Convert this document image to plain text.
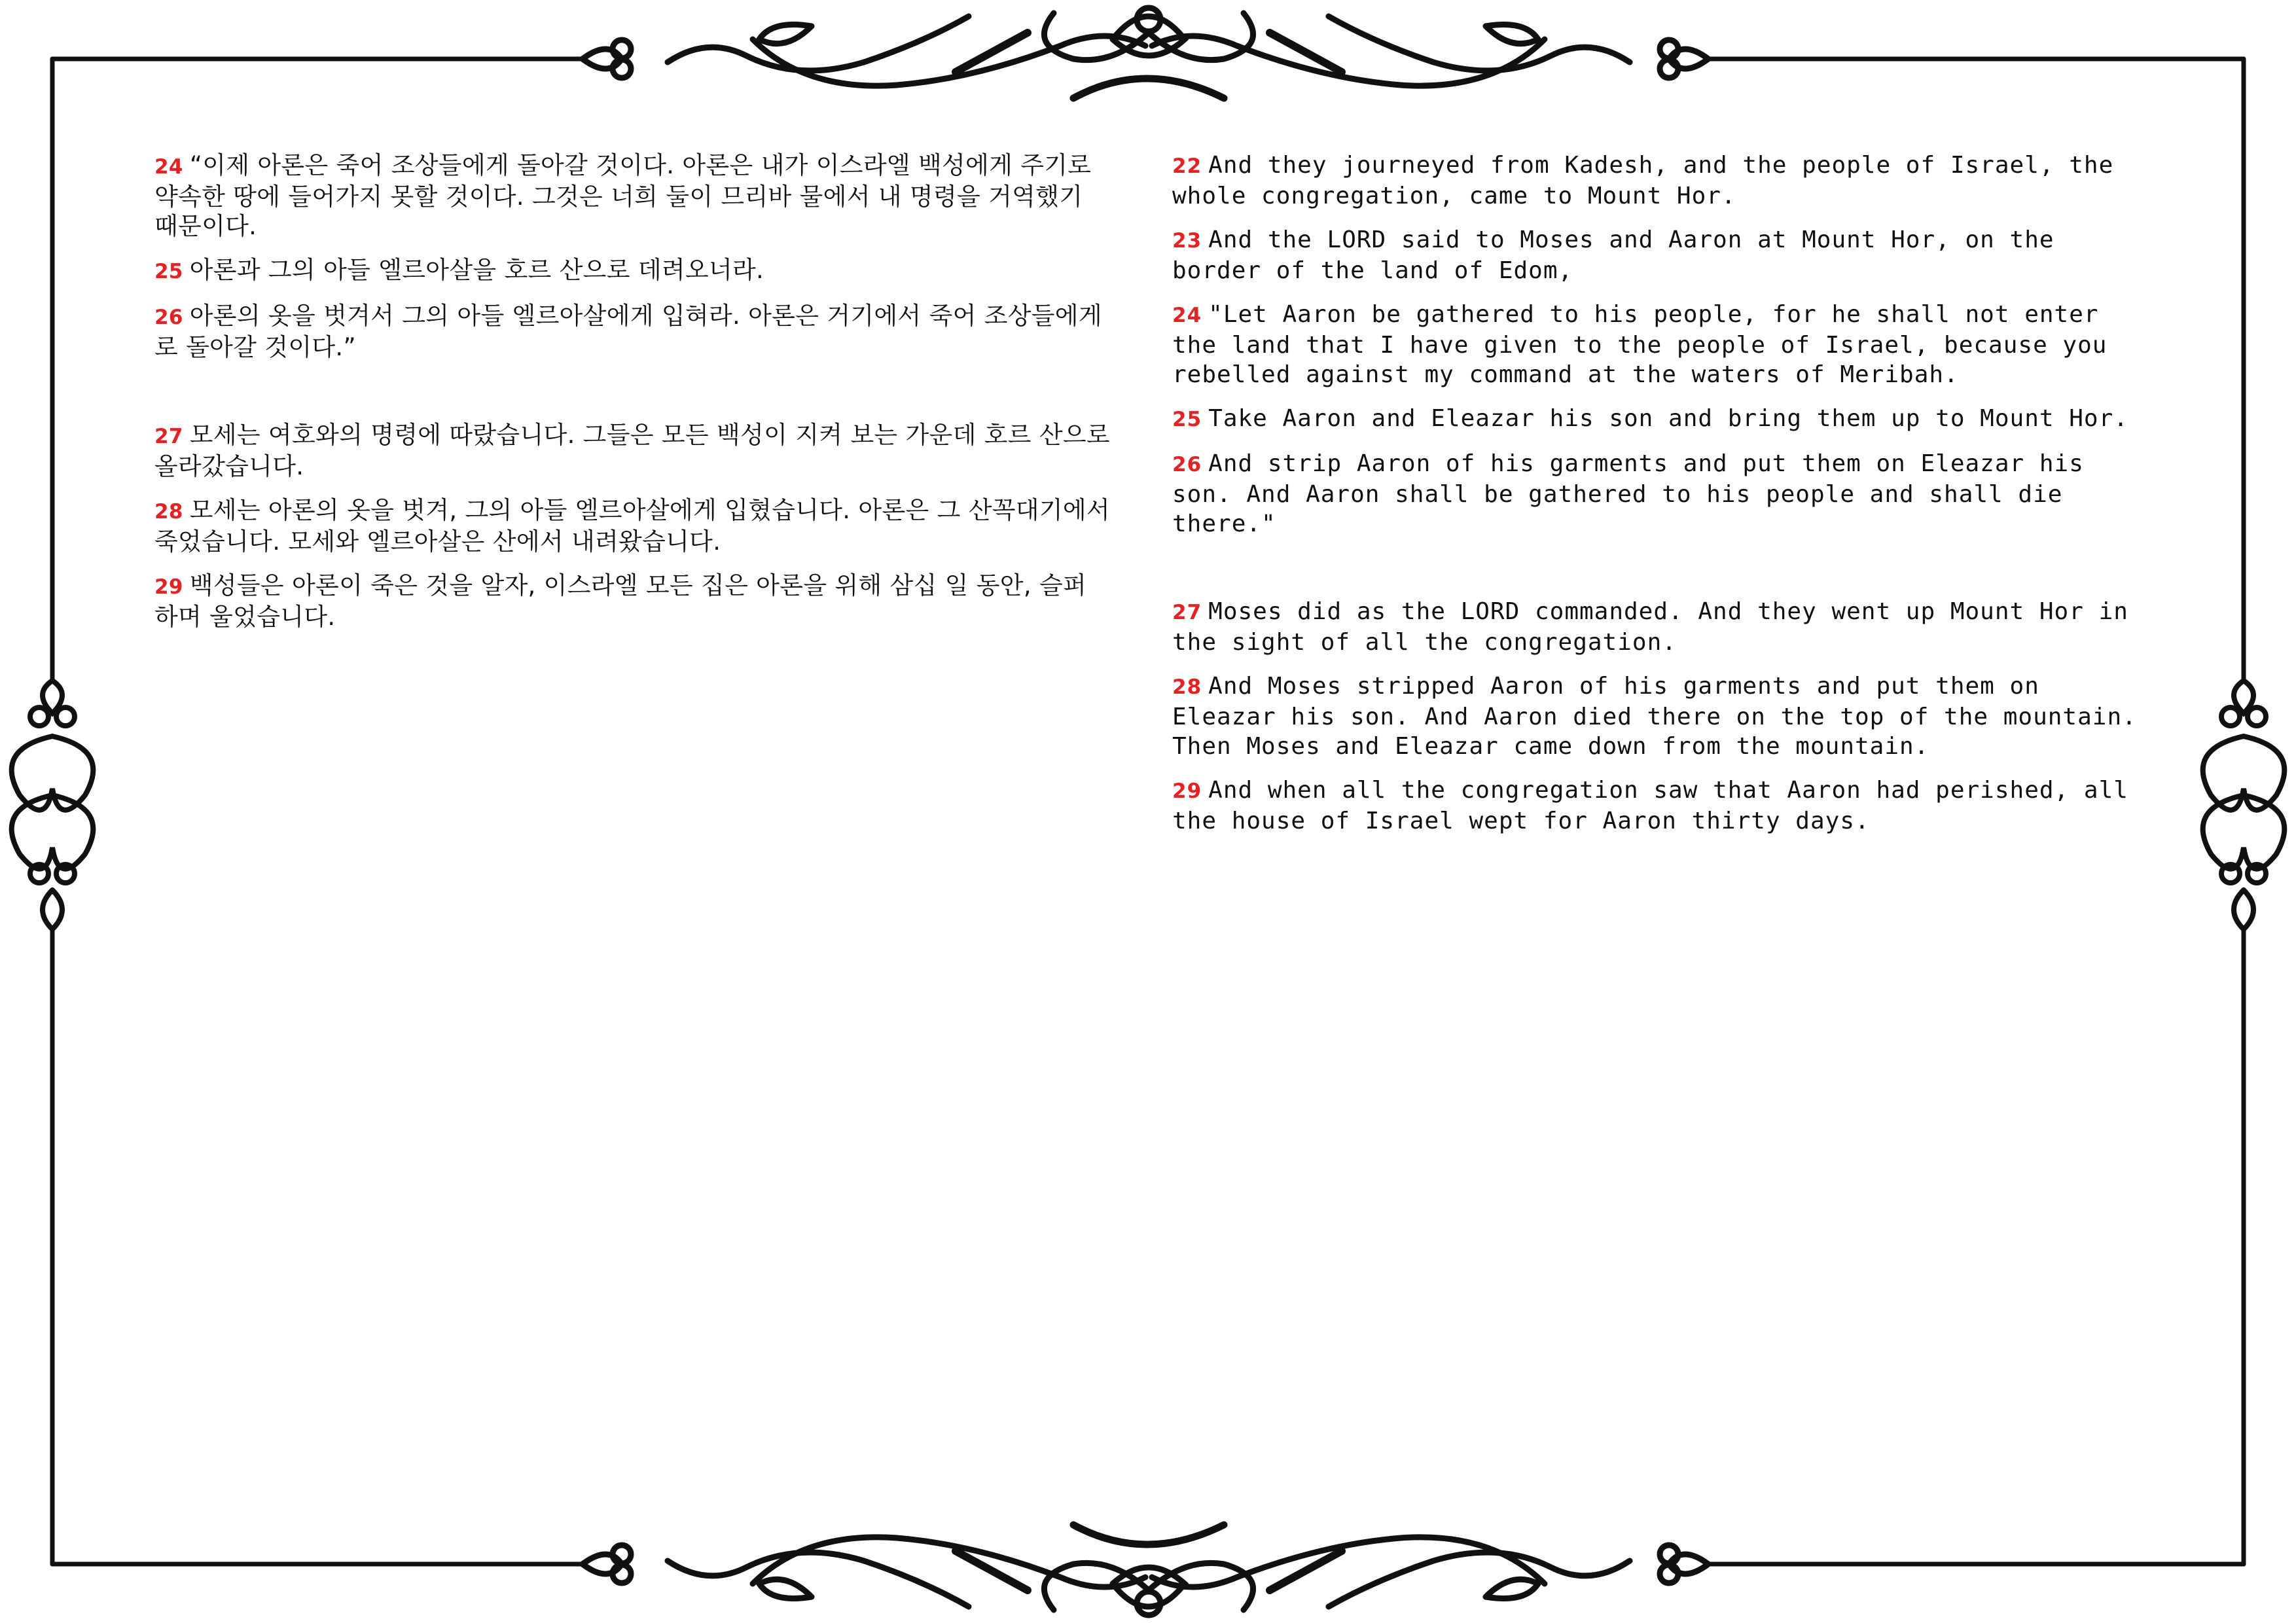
24 “이제 아론은 죽어 조상들에게 돌아갈 것이다. 아론은 내가 이스라엘 백성에게 주기로 약속한 땅에 들어가지 못할 것이다. 그것은 너희 둘이 므리바 물에서 내 명령을 거역했기 때문이다.

25 아론과 그의 아들 엘르아살을 호르 산으로 데려오너라.

26 아론의 옷을 벗겨서 그의 아들 엘르아살에게 입혀라. 아론은 거기에서 죽어 조상들에게로 돌아갈 것이다.”

27 모세는 여호와의 명령에 따랐습니다. 그들은 모든 백성이 지켜 보는 가운데 호르 산으로 올라갔습니다.

28 모세는 아론의 옷을 벗겨, 그의 아들 엘르아살에게 입혔습니다. 아론은 그 산꼭대기에서 죽었습니다. 모세와 엘르아살은 산에서 내려왔습니다.

29 백성들은 아론이 죽은 것을 알자, 이스라엘 모든 집은 아론을 위해 삼십 일 동안, 슬퍼하며 울었습니다.

22 And they journeyed from Kadesh, and the people of Israel, the whole congregation, came to Mount Hor.

23 And the LORD said to Moses and Aaron at Mount Hor, on the border of the land of Edom,

24 "Let Aaron be gathered to his people, for he shall not enter the land that I have given to the people of Israel, because you rebelled against my command at the waters of Meribah.

25 Take Aaron and Eleazar his son and bring them up to Mount Hor.

26 And strip Aaron of his garments and put them on Eleazar his son. And Aaron shall be gathered to his people and shall die there."

27 Moses did as the LORD commanded. And they went up Mount Hor in the sight of all the congregation.

28 And Moses stripped Aaron of his garments and put them on Eleazar his son. And Aaron died there on the top of the mountain. Then Moses and Eleazar came down from the mountain.

29 And when all the congregation saw that Aaron had perished, all the house of Israel wept for Aaron thirty days.
